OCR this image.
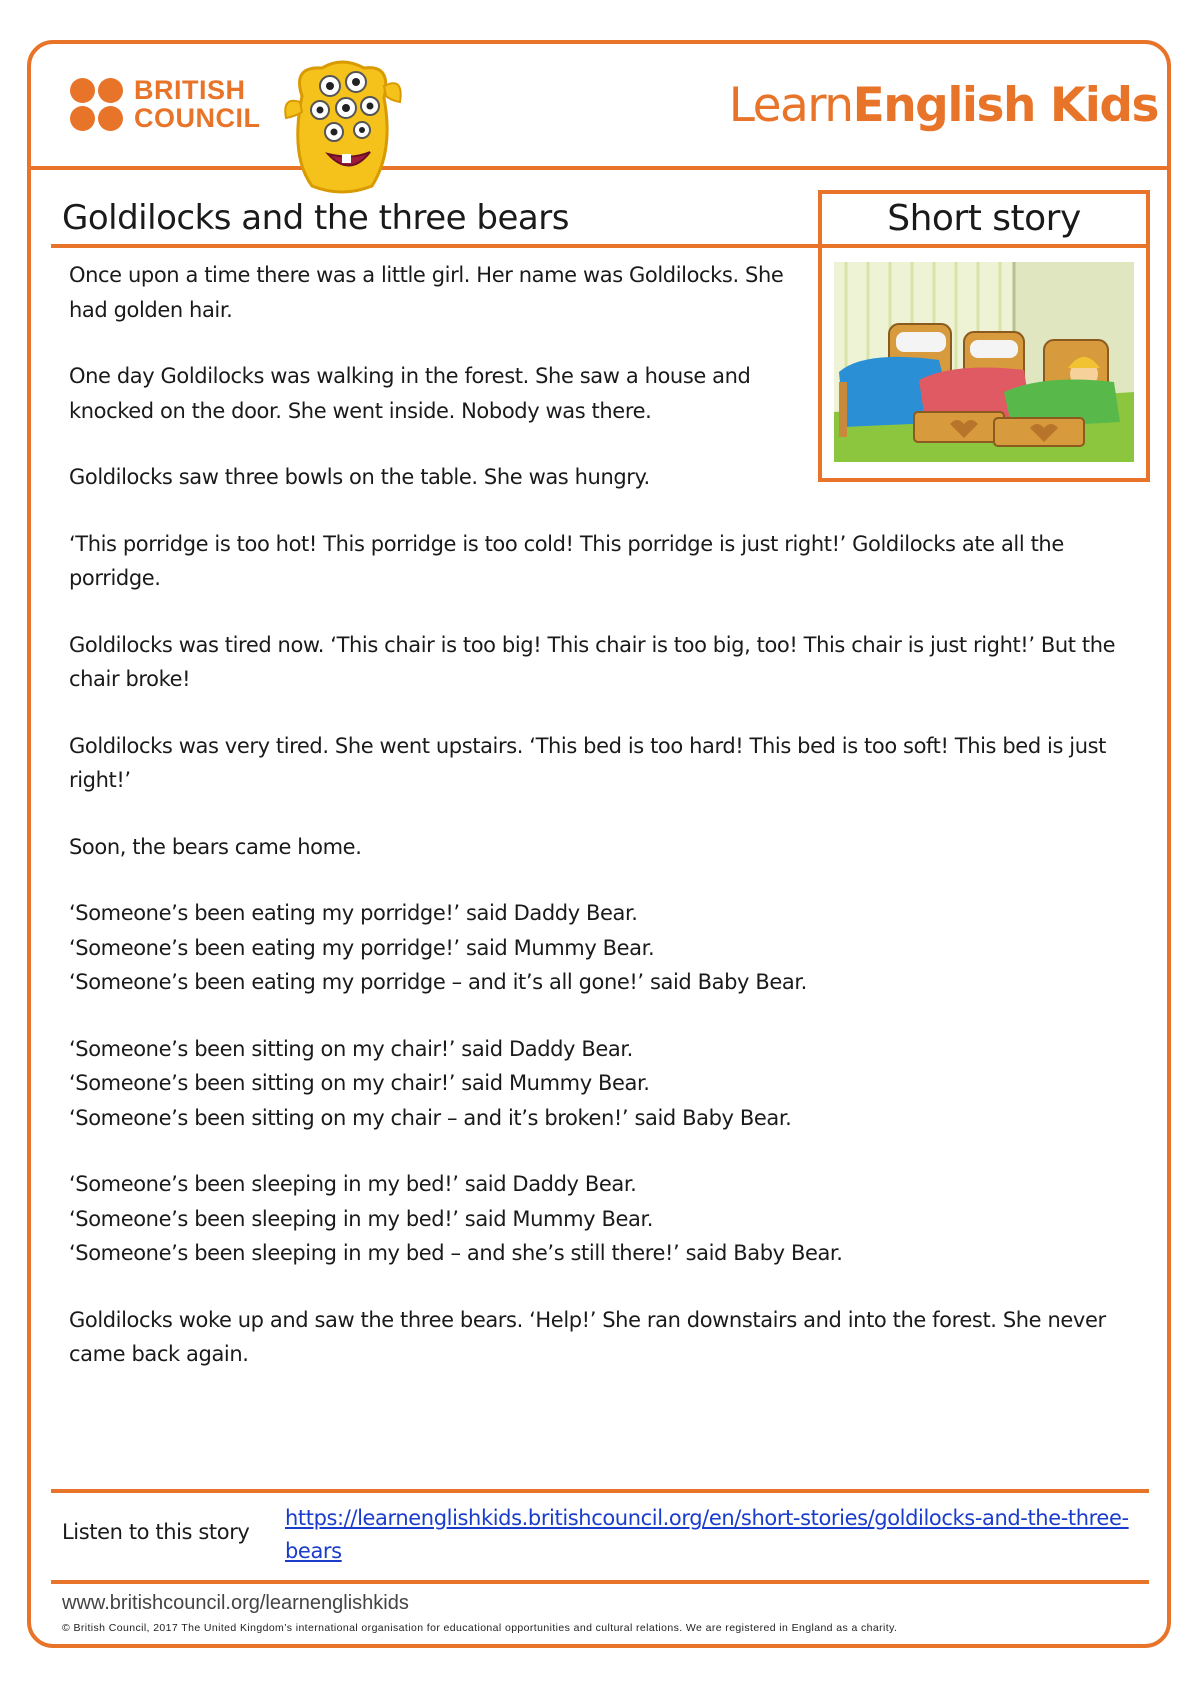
BRITISH
COUNCIL	LearnEnglish Kids
Goldilocks and the three bears	Short story

Once upon a time there was a little girl. Her name was Goldilocks. She had golden hair.

One day Goldilocks was walking in the forest. She saw a house and knocked on the door. She went inside. Nobody was there.

Goldilocks saw three bowls on the table. She was hungry.

‘This porridge is too hot! This porridge is too cold! This porridge is just right!’ Goldilocks ate all the porridge.

Goldilocks was tired now. ‘This chair is too big! This chair is too big, too! This chair is just right!’ But the chair broke!

Goldilocks was very tired. She went upstairs. ‘This bed is too hard! This bed is too soft! This bed is just right!’

Soon, the bears came home.

‘Someone’s been eating my porridge!’ said Daddy Bear.
‘Someone’s been eating my porridge!’ said Mummy Bear.
‘Someone’s been eating my porridge – and it’s all gone!’ said Baby Bear.

‘Someone’s been sitting on my chair!’ said Daddy Bear.
‘Someone’s been sitting on my chair!’ said Mummy Bear.
‘Someone’s been sitting on my chair – and it’s broken!’ said Baby Bear.

‘Someone’s been sleeping in my bed!’ said Daddy Bear.
‘Someone’s been sleeping in my bed!’ said Mummy Bear.
‘Someone’s been sleeping in my bed – and she’s still there!’ said Baby Bear.

Goldilocks woke up and saw the three bears. ‘Help!’ She ran downstairs and into the forest. She never came back again.

Listen to this story
https://learnenglishkids.britishcouncil.org/en/short-stories/goldilocks-and-the-three-bears
www.britishcouncil.org/learnenglishkids
© British Council, 2017 The United Kingdom’s international organisation for educational opportunities and cultural relations. We are registered in England as a charity.
